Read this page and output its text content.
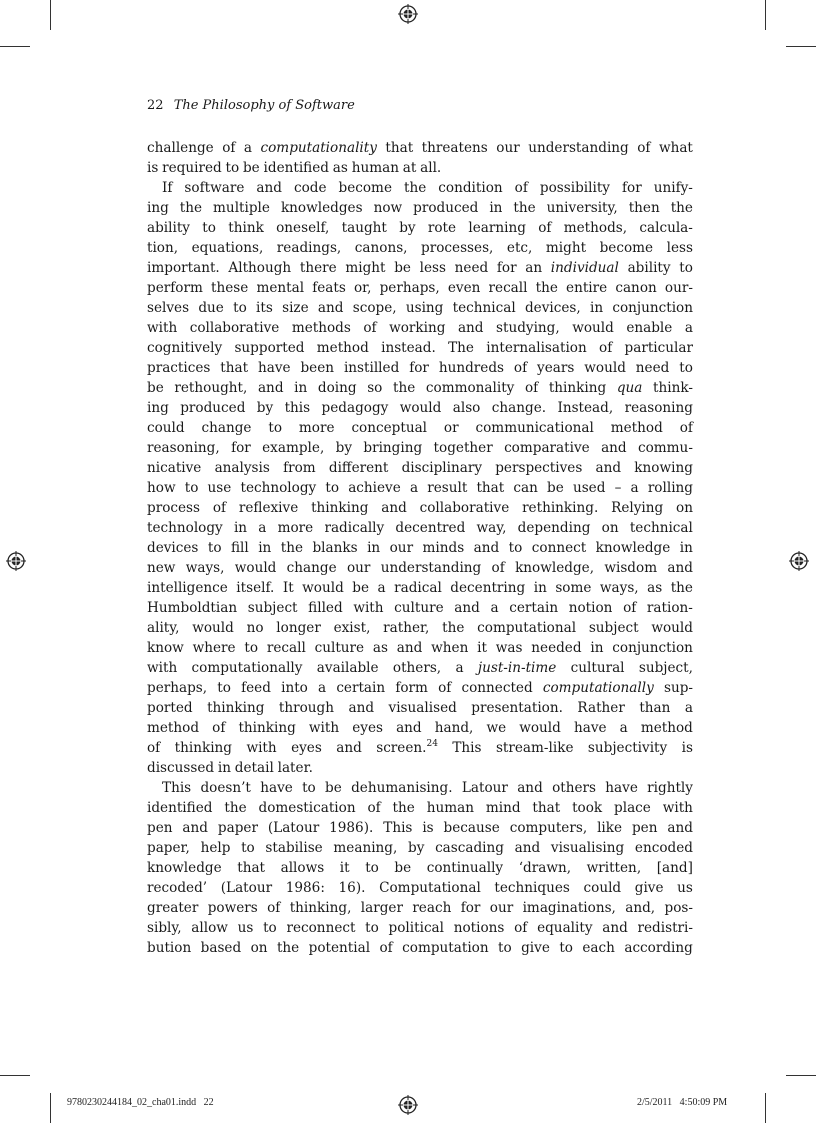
22 The Philosophy of Software
challenge of a computationality that threatens our understanding of what
is required to be identified as human at all.
If software and code become the condition of possibility for unify-
ing the multiple knowledges now produced in the university, then the
ability to think oneself, taught by rote learning of methods, calcula-
tion, equations, readings, canons, processes, etc, might become less
important. Although there might be less need for an individual ability to
perform these mental feats or, perhaps, even recall the entire canon our-
selves due to its size and scope, using technical devices, in conjunction
with collaborative methods of working and studying, would enable a
cognitively supported method instead. The internalisation of particular
practices that have been instilled for hundreds of years would need to
be rethought, and in doing so the commonality of thinking qua think-
ing produced by this pedagogy would also change. Instead, reasoning
could change to more conceptual or communicational method of
reasoning, for example, by bringing together comparative and commu-
nicative analysis from different disciplinary perspectives and knowing
how to use technology to achieve a result that can be used – a rolling
process of reflexive thinking and collaborative rethinking. Relying on
technology in a more radically decentred way, depending on technical
devices to fill in the blanks in our minds and to connect knowledge in
new ways, would change our understanding of knowledge, wisdom and
intelligence itself. It would be a radical decentring in some ways, as the
Humboldtian subject filled with culture and a certain notion of ration-
ality, would no longer exist, rather, the computational subject would
know where to recall culture as and when it was needed in conjunction
with computationally available others, a just-in-time cultural subject,
perhaps, to feed into a certain form of connected computationally sup-
ported thinking through and visualised presentation. Rather than a
method of thinking with eyes and hand, we would have a method
of thinking with eyes and screen.$^{24}$ This stream-like subjectivity is
discussed in detail later.
This doesn’t have to be dehumanising. Latour and others have rightly
identified the domestication of the human mind that took place with
pen and paper (Latour 1986). This is because computers, like pen and
paper, help to stabilise meaning, by cascading and visualising encoded
knowledge that allows it to be continually ‘drawn, written, [and]
recoded’ (Latour 1986: 16). Computational techniques could give us
greater powers of thinking, larger reach for our imaginations, and, pos-
sibly, allow us to reconnect to political notions of equality and redistri-
bution based on the potential of computation to give to each according
9780230244184_02_cha01.indd   22	2/5/2011   4:50:09 PM
